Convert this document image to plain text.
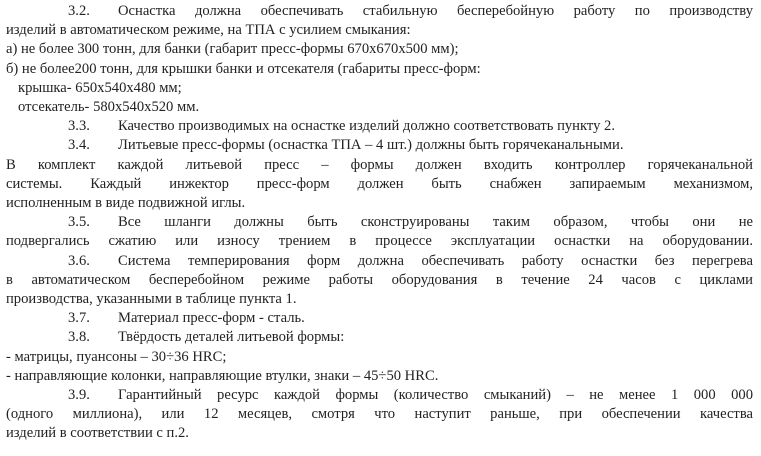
3.2. Оснастка должна обеспечивать стабильную бесперебойную работу по производству
изделий в автоматическом режиме, на ТПА с усилием смыкания:
а) не более 300 тонн, для банки (габарит пресс-формы 670х670х500 мм);
б) не более200 тонн, для крышки банки и отсекателя (габариты пресс-форм:
крышка- 650х540х480 мм;
отсекатель- 580х540х520 мм.
3.3. Качество производимых на оснастке изделий должно соответствовать пункту 2.
3.4. Литьевые пресс-формы (оснастка ТПА – 4 шт.) должны быть горячеканальными.
В комплект каждой литьевой пресс – формы должен входить контроллер горячеканальной
системы. Каждый инжектор пресс-форм должен быть снабжен запираемым механизмом,
исполненным в виде подвижной иглы.
3.5. Все шланги должны быть сконструированы таким образом, чтобы они не
подвергались сжатию или износу трением в процессе эксплуатации оснастки на оборудовании.
3.6. Система темперирования форм должна обеспечивать работу оснастки без перегрева
в автоматическом бесперебойном режиме работы оборудования в течение 24 часов с циклами
производства, указанными в таблице пункта 1.
3.7. Материал пресс-форм - сталь.
3.8. Твёрдость деталей литьевой формы:
- матрицы, пуансоны – 30÷36 HRC;
- направляющие колонки, направляющие втулки, знаки – 45÷50 HRC.
3.9. Гарантийный ресурс каждой формы (количество смыканий) – не менее 1 000 000
(одного миллиона), или 12 месяцев, смотря что наступит раньше, при обеспечении качества
изделий в соответствии с п.2.
